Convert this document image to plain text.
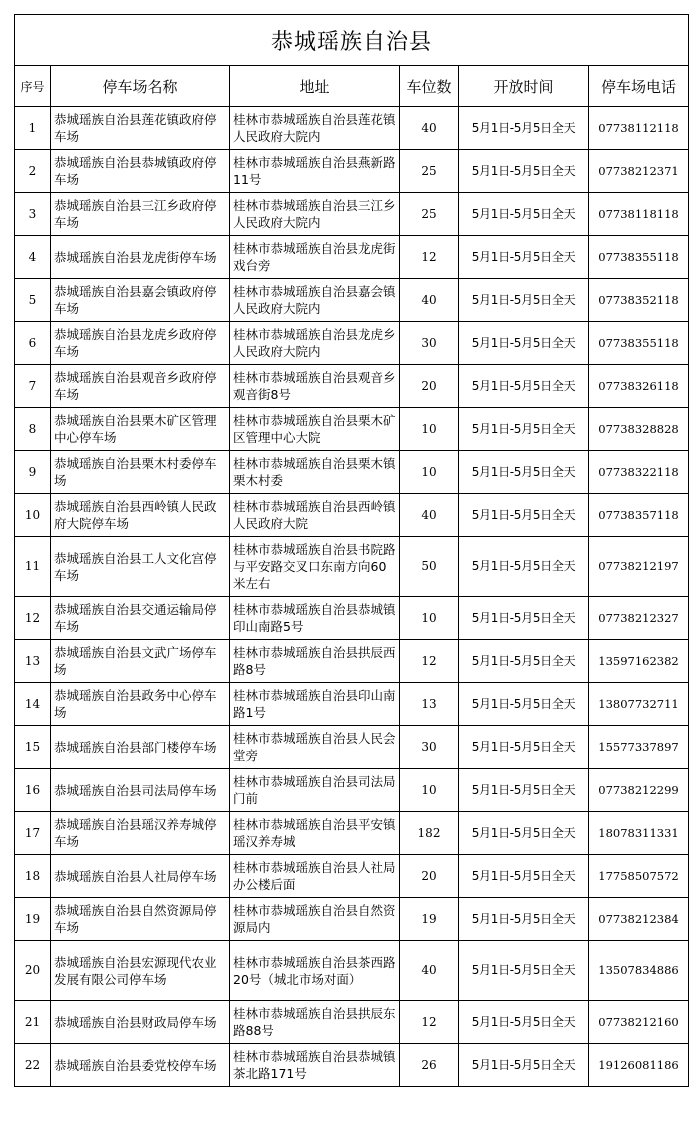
恭城瑶族自治县					
序号	停车场名称	地址	车位数	开放时间	停车场电话
1	恭城瑶族自治县莲花镇政府停车场	桂林市恭城瑶族自治县莲花镇人民政府大院内	40	5月1日-5月5日全天	07738112118
2	恭城瑶族自治县恭城镇政府停车场	桂林市恭城瑶族自治县燕新路11号	25	5月1日-5月5日全天	07738212371
3	恭城瑶族自治县三江乡政府停车场	桂林市恭城瑶族自治县三江乡人民政府大院内	25	5月1日-5月5日全天	07738118118
4	恭城瑶族自治县龙虎街停车场	桂林市恭城瑶族自治县龙虎街戏台旁	12	5月1日-5月5日全天	07738355118
5	恭城瑶族自治县嘉会镇政府停车场	桂林市恭城瑶族自治县嘉会镇人民政府大院内	40	5月1日-5月5日全天	07738352118
6	恭城瑶族自治县龙虎乡政府停车场	桂林市恭城瑶族自治县龙虎乡人民政府大院内	30	5月1日-5月5日全天	07738355118
7	恭城瑶族自治县观音乡政府停车场	桂林市恭城瑶族自治县观音乡观音街8号	20	5月1日-5月5日全天	07738326118
8	恭城瑶族自治县栗木矿区管理中心停车场	桂林市恭城瑶族自治县栗木矿区管理中心大院	10	5月1日-5月5日全天	07738328828
9	恭城瑶族自治县栗木村委停车场	桂林市恭城瑶族自治县栗木镇栗木村委	10	5月1日-5月5日全天	07738322118
10	恭城瑶族自治县西岭镇人民政府大院停车场	桂林市恭城瑶族自治县西岭镇人民政府大院	40	5月1日-5月5日全天	07738357118
11	恭城瑶族自治县工人文化宫停车场	桂林市恭城瑶族自治县书院路与平安路交叉口东南方向60米左右	50	5月1日-5月5日全天	07738212197
12	恭城瑶族自治县交通运输局停车场	桂林市恭城瑶族自治县恭城镇印山南路5号	10	5月1日-5月5日全天	07738212327
13	恭城瑶族自治县文武广场停车场	桂林市恭城瑶族自治县拱辰西路8号	12	5月1日-5月5日全天	13597162382
14	恭城瑶族自治县政务中心停车场	桂林市恭城瑶族自治县印山南路1号	13	5月1日-5月5日全天	13807732711
15	恭城瑶族自治县部门楼停车场	桂林市恭城瑶族自治县人民会堂旁	30	5月1日-5月5日全天	15577337897
16	恭城瑶族自治县司法局停车场	桂林市恭城瑶族自治县司法局门前	10	5月1日-5月5日全天	07738212299
17	恭城瑶族自治县瑶汉养寿城停车场	桂林市恭城瑶族自治县平安镇瑶汉养寿城	182	5月1日-5月5日全天	18078311331
18	恭城瑶族自治县人社局停车场	桂林市恭城瑶族自治县人社局办公楼后面	20	5月1日-5月5日全天	17758507572
19	恭城瑶族自治县自然资源局停车场	桂林市恭城瑶族自治县自然资源局内	19	5月1日-5月5日全天	07738212384
20	恭城瑶族自治县宏源现代农业发展有限公司停车场	桂林市恭城瑶族自治县茶西路20号（城北市场对面）	40	5月1日-5月5日全天	13507834886
21	恭城瑶族自治县财政局停车场	桂林市恭城瑶族自治县拱辰东路88号	12	5月1日-5月5日全天	07738212160
22	恭城瑶族自治县委党校停车场	桂林市恭城瑶族自治县恭城镇茶北路171号	26	5月1日-5月5日全天	19126081186
